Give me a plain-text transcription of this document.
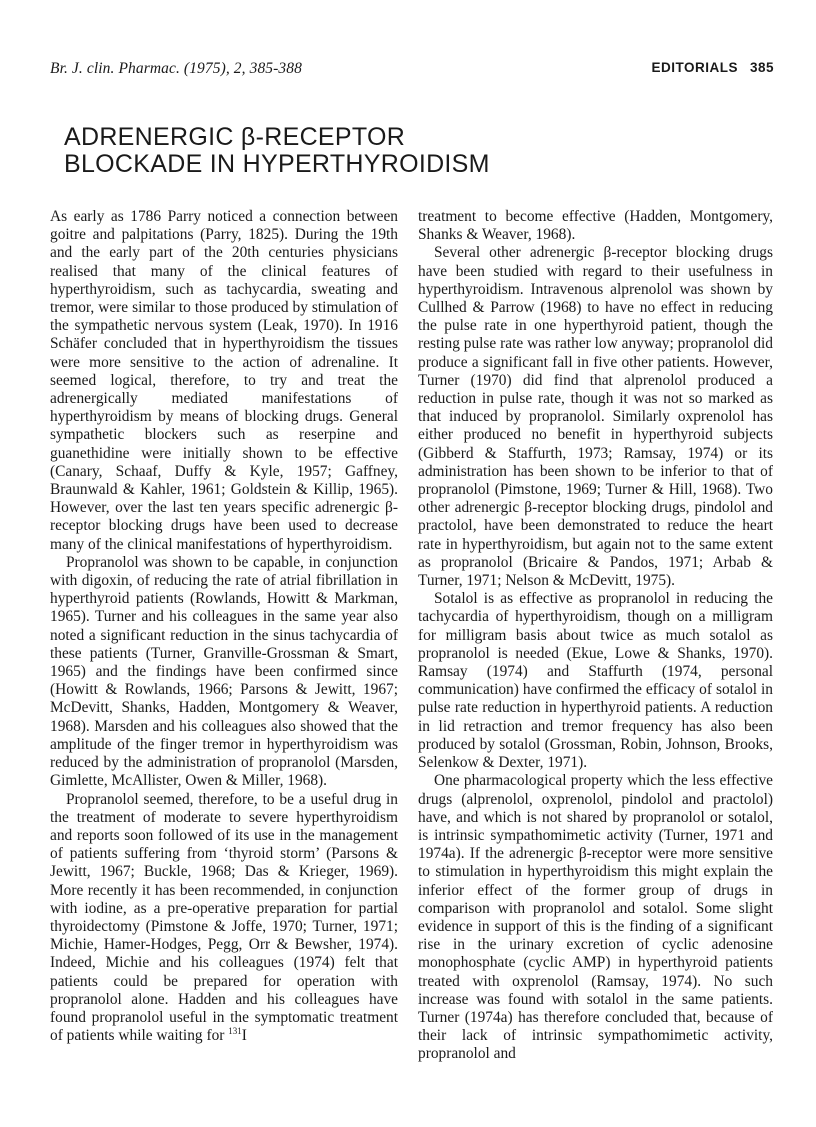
Br. J. clin. Pharmac. (1975), 2, 385-388	EDITORIALS 385
ADRENERGIC β-RECEPTOR
BLOCKADE IN HYPERTHYROIDISM

As early as 1786 Parry noticed a connection between goitre and palpitations (Parry, 1825). During the 19th and the early part of the 20th centuries physicians realised that many of the clinical features of hyperthyroidism, such as tachycardia, sweating and tremor, were similar to those produced by stimulation of the sympathetic nervous system (Leak, 1970). In 1916 Schäfer concluded that in hyperthyroidism the tissues were more sensitive to the action of adrenaline. It seemed logical, therefore, to try and treat the adrenergically mediated manifestations of hyperthyroidism by means of blocking drugs. General sympathetic blockers such as reserpine and guanethidine were initially shown to be effective (Canary, Schaaf, Duffy & Kyle, 1957; Gaffney, Braunwald & Kahler, 1961; Goldstein & Killip, 1965). However, over the last ten years specific adrenergic β-receptor blocking drugs have been used to decrease many of the clinical manifestations of hyperthyroidism.

Propranolol was shown to be capable, in conjunction with digoxin, of reducing the rate of atrial fibrillation in hyperthyroid patients (Rowlands, Howitt & Markman, 1965). Turner and his colleagues in the same year also noted a significant reduction in the sinus tachycardia of these patients (Turner, Granville-Grossman & Smart, 1965) and the findings have been confirmed since (Howitt & Rowlands, 1966; Parsons & Jewitt, 1967; McDevitt, Shanks, Hadden, Montgomery & Weaver, 1968). Marsden and his colleagues also showed that the amplitude of the finger tremor in hyperthyroidism was reduced by the administration of propranolol (Marsden, Gimlette, McAllister, Owen & Miller, 1968).

Propranolol seemed, therefore, to be a useful drug in the treatment of moderate to severe hyperthyroidism and reports soon followed of its use in the management of patients suffering from ‘thyroid storm’ (Parsons & Jewitt, 1967; Buckle, 1968; Das & Krieger, 1969). More recently it has been recommended, in conjunction with iodine, as a pre-operative preparation for partial thyroidectomy (Pimstone & Joffe, 1970; Turner, 1971; Michie, Hamer-Hodges, Pegg, Orr & Bewsher, 1974). Indeed, Michie and his colleagues (1974) felt that patients could be prepared for operation with propranolol alone. Hadden and his colleagues have found propranolol useful in the symptomatic treatment of patients while waiting for $^{131}$I

treatment to become effective (Hadden, Montgomery, Shanks & Weaver, 1968).

Several other adrenergic β-receptor blocking drugs have been studied with regard to their usefulness in hyperthyroidism. Intravenous alprenolol was shown by Cullhed & Parrow (1968) to have no effect in reducing the pulse rate in one hyperthyroid patient, though the resting pulse rate was rather low anyway; propranolol did produce a significant fall in five other patients. However, Turner (1970) did find that alprenolol produced a reduction in pulse rate, though it was not so marked as that induced by propranolol. Similarly oxprenolol has either produced no benefit in hyperthyroid subjects (Gibberd & Staffurth, 1973; Ramsay, 1974) or its administration has been shown to be inferior to that of propranolol (Pimstone, 1969; Turner & Hill, 1968). Two other adrenergic β-receptor blocking drugs, pindolol and practolol, have been demonstrated to reduce the heart rate in hyperthyroidism, but again not to the same extent as propranolol (Bricaire & Pandos, 1971; Arbab & Turner, 1971; Nelson & McDevitt, 1975).

Sotalol is as effective as propranolol in reducing the tachycardia of hyperthyroidism, though on a milligram for milligram basis about twice as much sotalol as propranolol is needed (Ekue, Lowe & Shanks, 1970). Ramsay (1974) and Staffurth (1974, personal communication) have confirmed the efficacy of sotalol in pulse rate reduction in hyperthyroid patients. A reduction in lid retraction and tremor frequency has also been produced by sotalol (Grossman, Robin, Johnson, Brooks, Selenkow & Dexter, 1971).

One pharmacological property which the less effective drugs (alprenolol, oxprenolol, pindolol and practolol) have, and which is not shared by propranolol or sotalol, is intrinsic sympathomimetic activity (Turner, 1971 and 1974a). If the adrenergic β-receptor were more sensitive to stimulation in hyperthyroidism this might explain the inferior effect of the former group of drugs in comparison with propranolol and sotalol. Some slight evidence in support of this is the finding of a significant rise in the urinary excretion of cyclic adenosine monophosphate (cyclic AMP) in hyperthyroid patients treated with oxprenolol (Ramsay, 1974). No such increase was found with sotalol in the same patients. Turner (1974a) has therefore concluded that, because of their lack of intrinsic sympathomimetic activity, propranolol and
